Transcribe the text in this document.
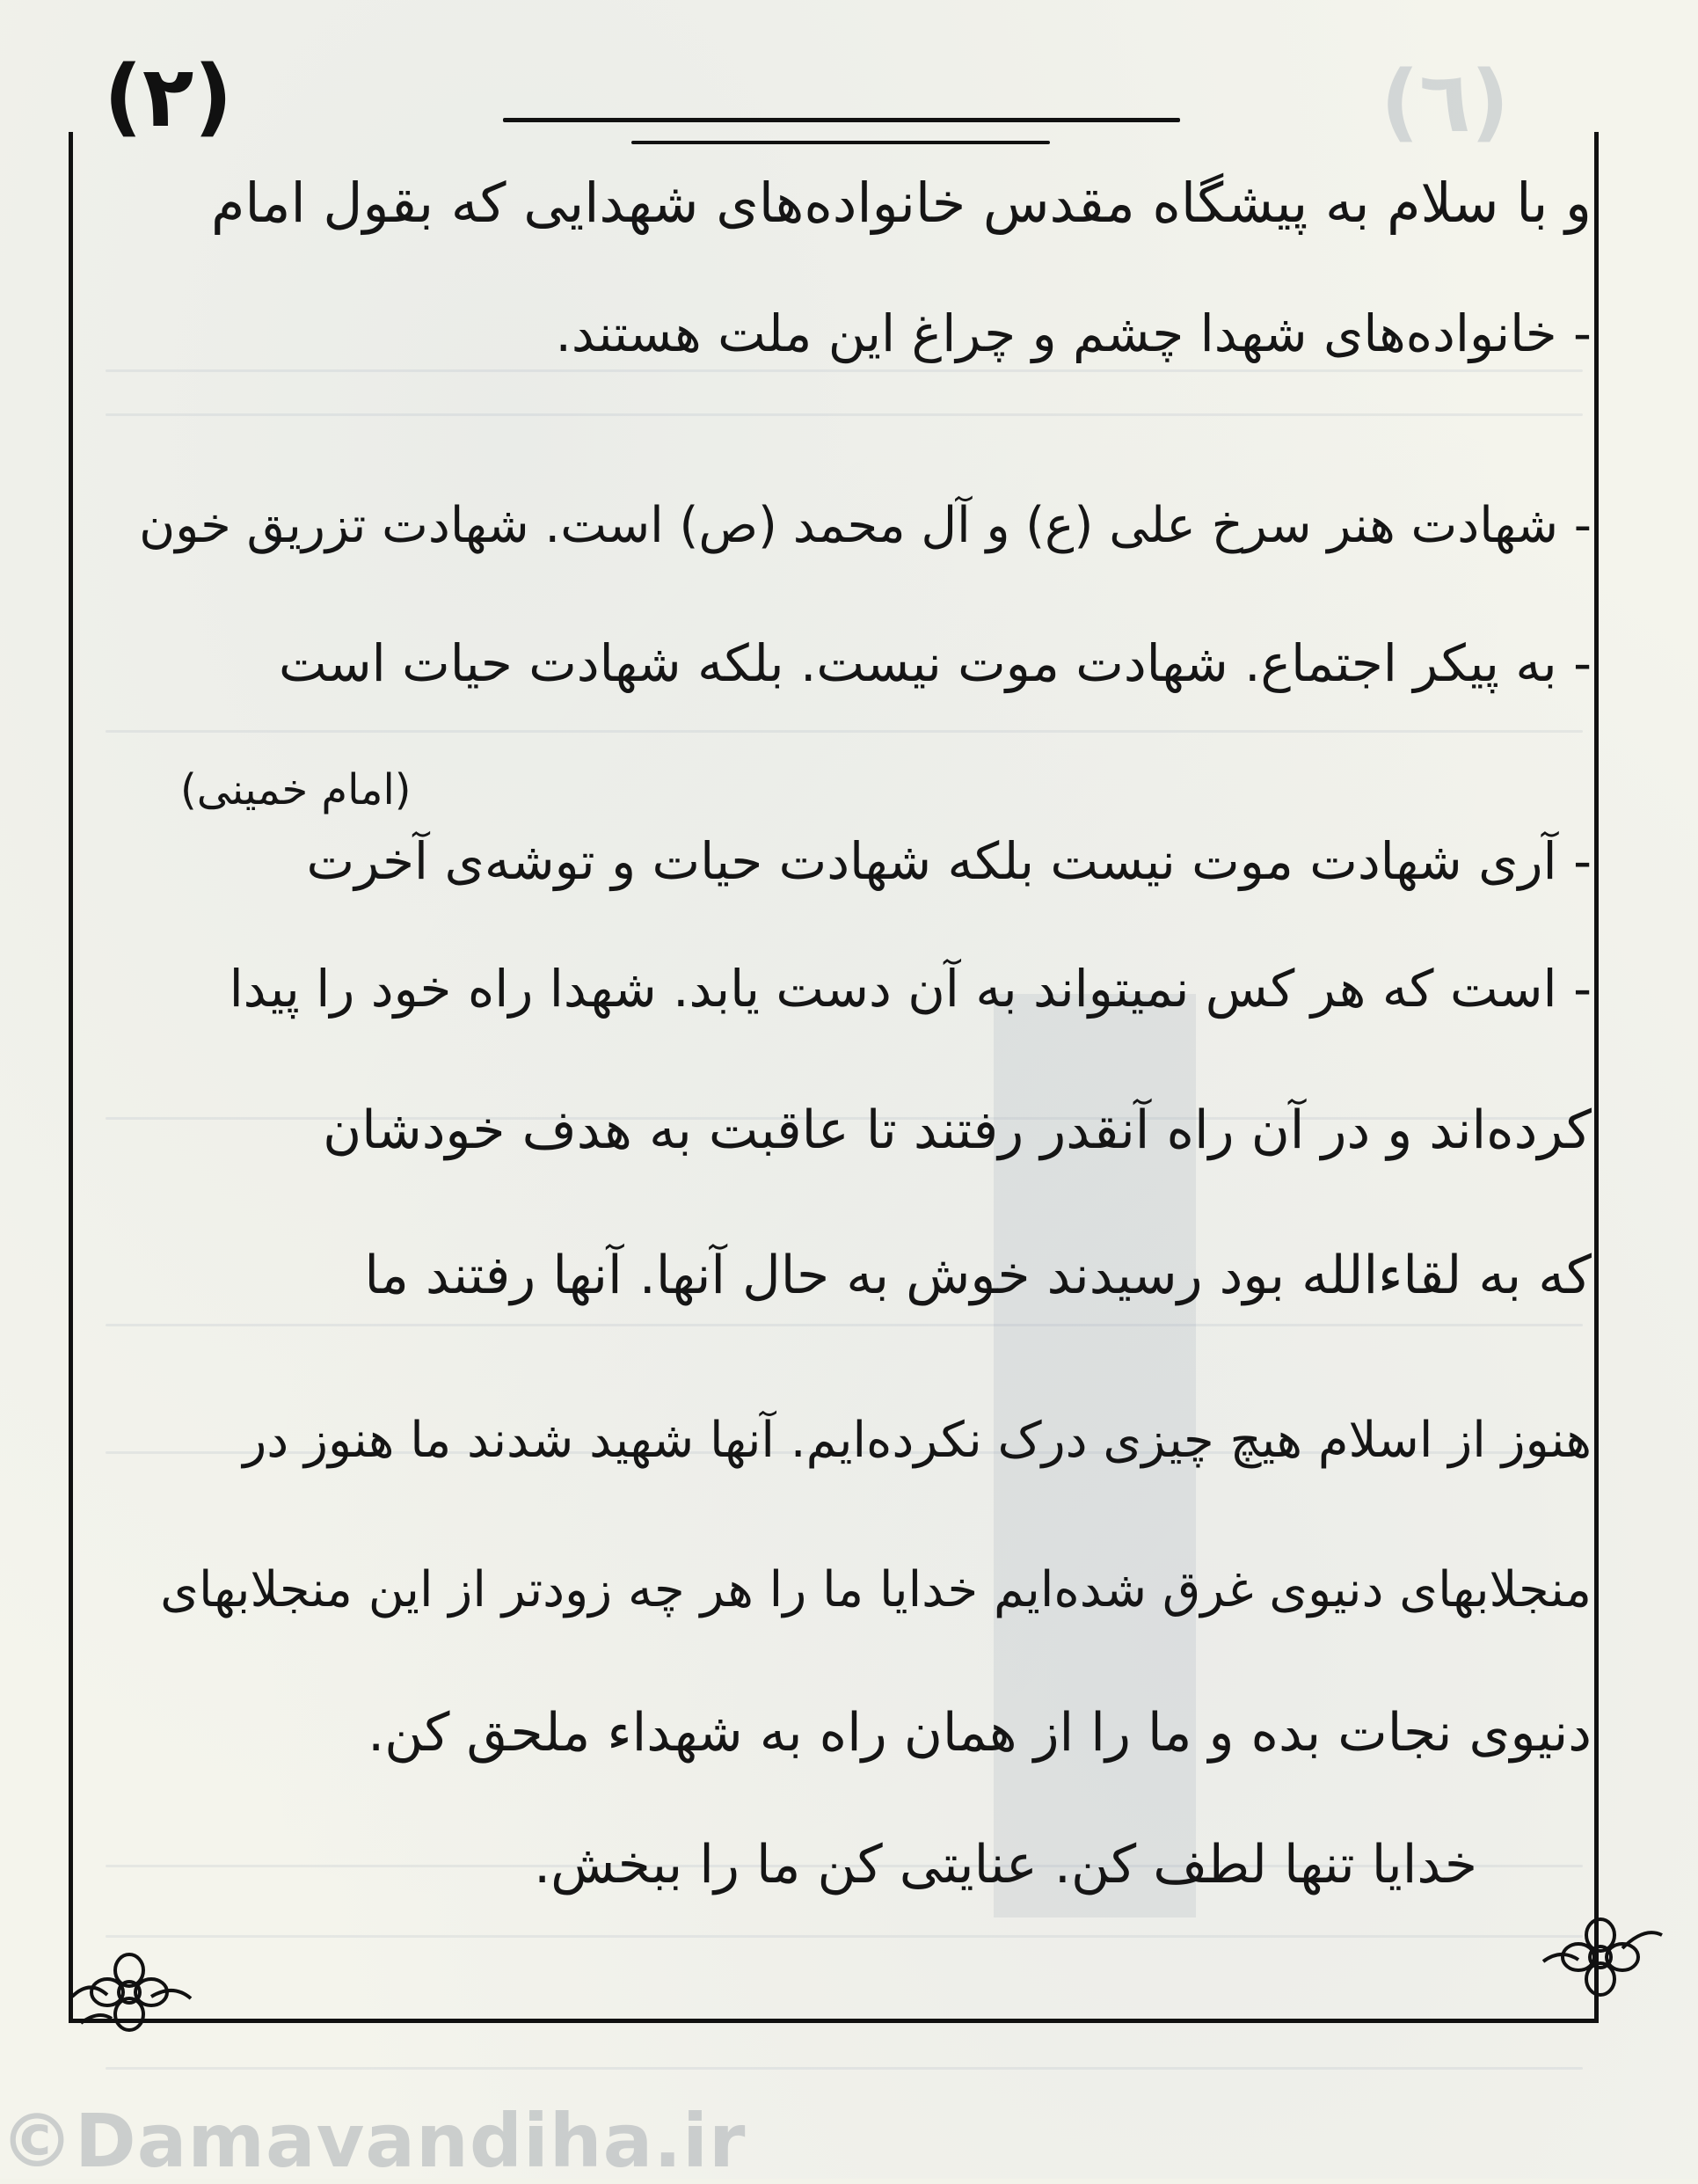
(٦)
(۲)
و با سلام به پیشگاه مقدس خانواده‌های شهدایی که بقول امام
- خانواده‌های شهدا چشم و چراغ این ملت هستند.
- شهادت هنر سرخ علی (ع) و آل محمد (ص) است. شهادت تزریق خون
- به پیکر اجتماع. شهادت موت نیست. بلکه شهادت حیات است
(امام خمینی)
- آری شهادت موت نیست بلکه شهادت حیات و توشه‌ی آخرت
- است که هر کس نمیتواند به آن دست یابد. شهدا راه خود را پیدا
کرده‌اند و در آن راه آنقدر رفتند تا عاقبت به هدف خودشان
که به لقاءالله بود رسیدند خوش به حال آنها. آنها رفتند ما
هنوز از اسلام هیچ چیزی درک نکرده‌ایم. آنها شهید شدند ما هنوز در
منجلابهای دنیوی غرق شده‌ایم خدایا ما را هر چه زودتر از این منجلابهای
دنیوی نجات بده و ما را از همان راه به شهداء ملحق کن.
خدایا تنها لطف کن. عنایتی کن ما را ببخش.
©Damavandiha.ir
